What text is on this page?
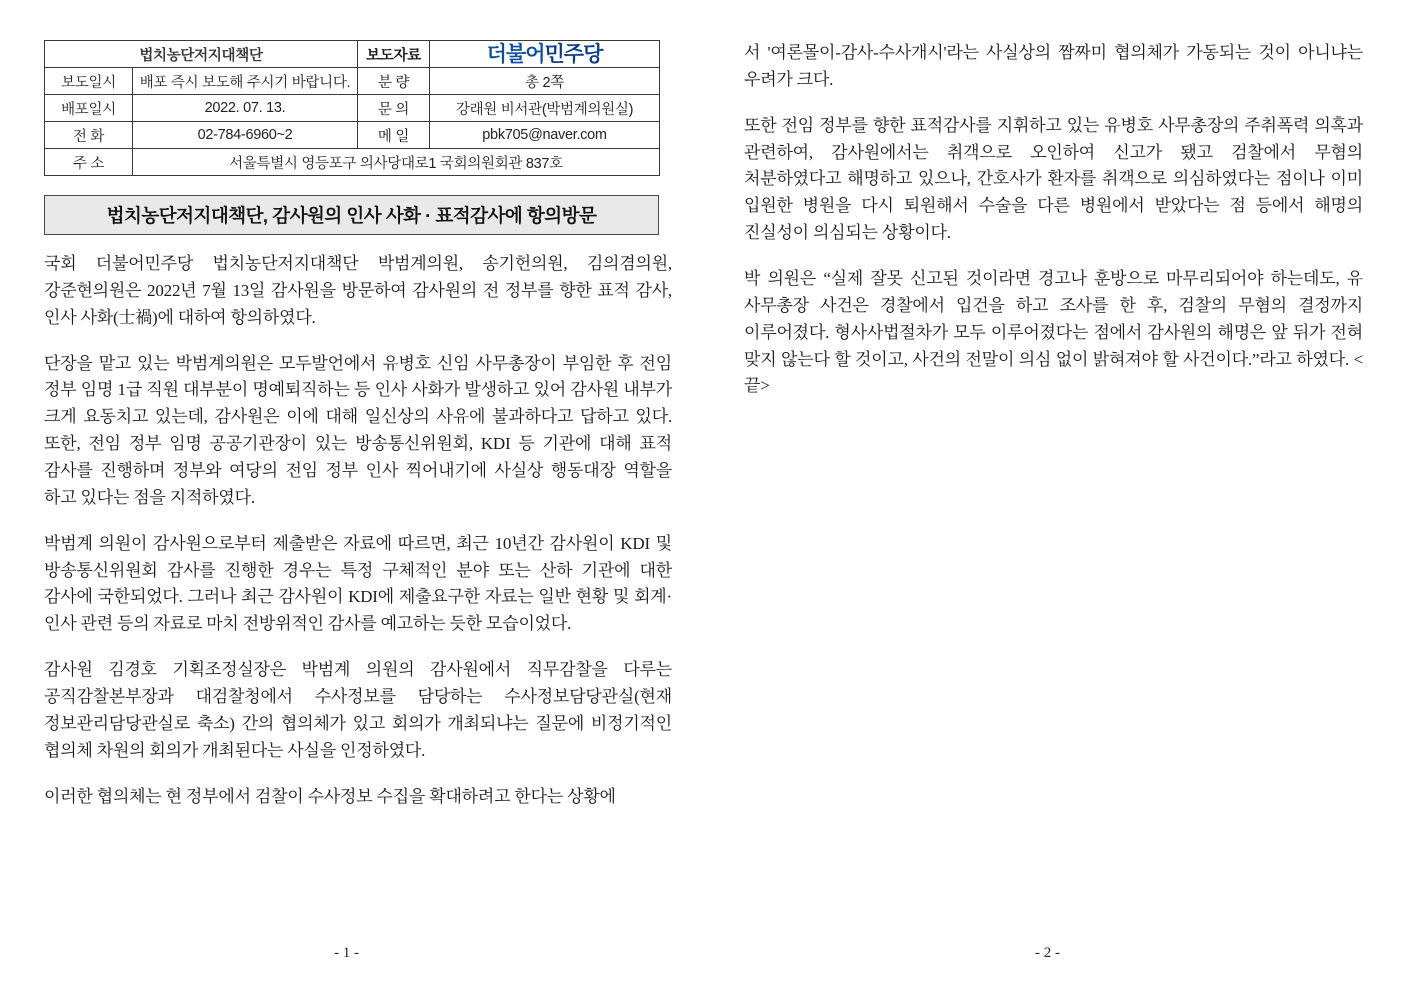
법치농단저지대책단		보도자료	더불어민주당

보도일시	배포 즉시 보도해 주시기 바랍니다.	분 량	총 2쪽
배포일시	2022. 07. 13.	문 의	강래원 비서관(박범계의원실)
전 화	02-784-6960~2	메 일	pbk705@naver.com
주 소	서울특별시 영등포구 의사당대로1 국회의원회관 837호		
법치농단저지대책단, 감사원의 인사 사화 · 표적감사에 항의방문

국회 더불어민주당 법치농단저지대책단 박범계의원, 송기헌의원, 김의겸의원, 강준현의원은 2022년 7월 13일 감사원을 방문하여 감사원의 전 정부를 향한 표적 감사, 인사 사화(士禍)에 대하여 항의하였다.

단장을 맡고 있는 박범계의원은 모두발언에서 유병호 신임 사무총장이 부임한 후 전임 정부 임명 1급 직원 대부분이 명예퇴직하는 등 인사 사화가 발생하고 있어 감사원 내부가 크게 요동치고 있는데, 감사원은 이에 대해 일신상의 사유에 불과하다고 답하고 있다. 또한, 전임 정부 임명 공공기관장이 있는 방송통신위원회, KDI 등 기관에 대해 표적 감사를 진행하며 정부와 여당의 전임 정부 인사 찍어내기에 사실상 행동대장 역할을 하고 있다는 점을 지적하였다.

박범계 의원이 감사원으로부터 제출받은 자료에 따르면, 최근 10년간 감사원이 KDI 및 방송통신위원회 감사를 진행한 경우는 특정 구체적인 분야 또는 산하 기관에 대한 감사에 국한되었다. 그러나 최근 감사원이 KDI에 제출요구한 자료는 일반 현황 및 회계·인사 관련 등의 자료로 마치 전방위적인 감사를 예고하는 듯한 모습이었다.

감사원 김경호 기획조정실장은 박범계 의원의 감사원에서 직무감찰을 다루는 공직감찰본부장과 대검찰청에서 수사정보를 담당하는 수사정보담당관실(현재 정보관리담당관실로 축소) 간의 협의체가 있고 회의가 개최되냐는 질문에 비정기적인 협의체 차원의 회의가 개최된다는 사실을 인정하였다.

이러한 협의체는 현 정부에서 검찰이 수사정보 수집을 확대하려고 한다는 상황에

- 1 -

서 '여론몰이-감사-수사개시'라는 사실상의 짬짜미 협의체가 가동되는 것이 아니냐는 우려가 크다.

또한 전임 정부를 향한 표적감사를 지휘하고 있는 유병호 사무총장의 주취폭력 의혹과 관련하여, 감사원에서는 취객으로 오인하여 신고가 됐고 검찰에서 무혐의 처분하였다고 해명하고 있으나, 간호사가 환자를 취객으로 의심하였다는 점이나 이미 입원한 병원을 다시 퇴원해서 수술을 다른 병원에서 받았다는 점 등에서 해명의 진실성이 의심되는 상황이다.

박 의원은 “실제 잘못 신고된 것이라면 경고나 훈방으로 마무리되어야 하는데도, 유 사무총장 사건은 경찰에서 입건을 하고 조사를 한 후, 검찰의 무혐의 결정까지 이루어졌다. 형사사법절차가 모두 이루어졌다는 점에서 감사원의 해명은 앞 뒤가 전혀 맞지 않는다 할 것이고, 사건의 전말이 의심 없이 밝혀져야 할 사건이다.”라고 하였다. <끝>

- 2 -
